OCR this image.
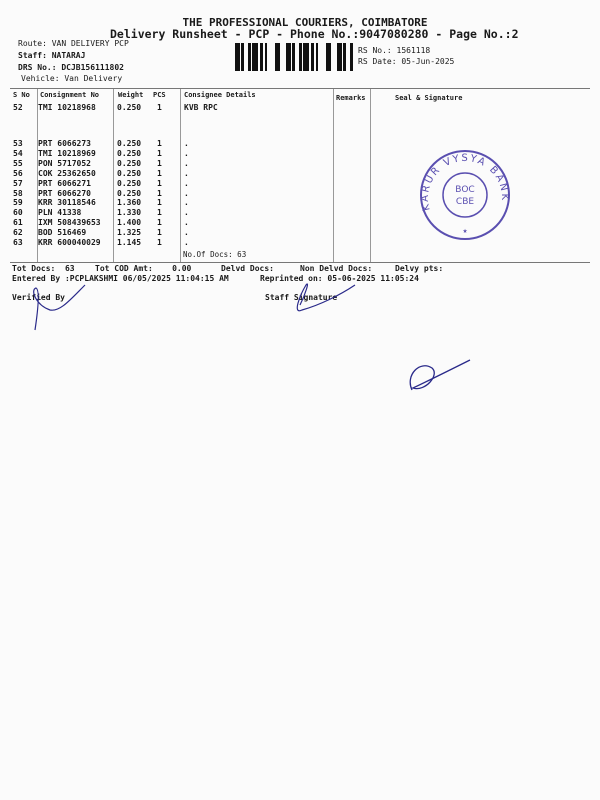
THE PROFESSIONAL COURIERS, COIMBATORE
Delivery Runsheet - PCP - Phone No.:9047080280 - Page No.:2
Route: VAN DELIVERY PCP
Staff: NATARAJ
DRS No.: DCJB156111802
Vehicle: Van Delivery
RS No.: 1561118
RS Date: 05-Jun-2025
S No Consignment No	Weight PCS	Consignee Details	Remarks	Seal & Signature
52 TMI 10218968	0.250 1	KVB RPC
53 PRT 6066273	0.250 1	.
54 TMI 10218969	0.250 1	.
55 PON 5717052	0.250 1	.
56 COK 25362650	0.250 1	.
57 PRT 6066271	0.250 1	.
58 PRT 6066270	0.250 1	.
59 KRR 30118546	1.360 1	.
60 PLN 41338	1.330 1	.
61 IXM 508439653 1.400 1	.
62 BOD 516469	1.325 1	.
63 KRR 600040029 1.145 1	.
No.Of Docs: 63
Tot Docs:  63	Tot COD Amt:    0.00	Delvd Docs:	Non Delvd Docs:	Delvy pts:
Entered By :PCPLAKSHMI 06/05/2025 11:04:15 AM	Reprinted on: 05-06-2025 11:05:24
Verified By	Staff Signature
KARUR VYSYA BANK
BOC
CBE
★
